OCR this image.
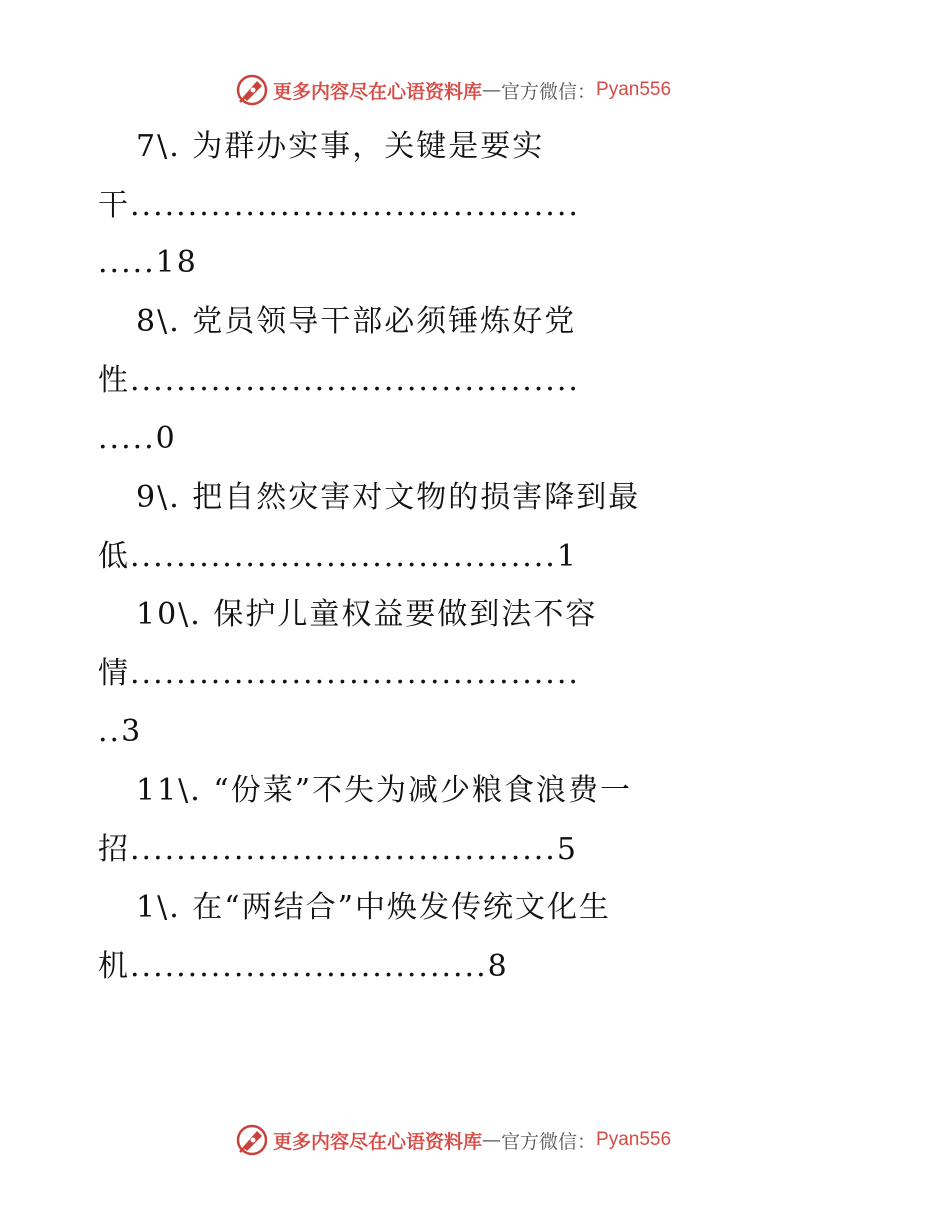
更多内容尽在心语资料库 — 官方微信： Pyan556
7\. 为群办实事，关键是要实
干.......................................
.....18
8\. 党员领导干部必须锤炼好党
性.......................................
.....0
9\. 把自然灾害对文物的损害降到最
低.....................................1
10\. 保护儿童权益要做到法不容
情.......................................
..3
11\. “份菜”不失为减少粮食浪费一
招.....................................5
1\. 在“两结合”中焕发传统文化生
机...............................8
更多内容尽在心语资料库 — 官方微信： Pyan556
